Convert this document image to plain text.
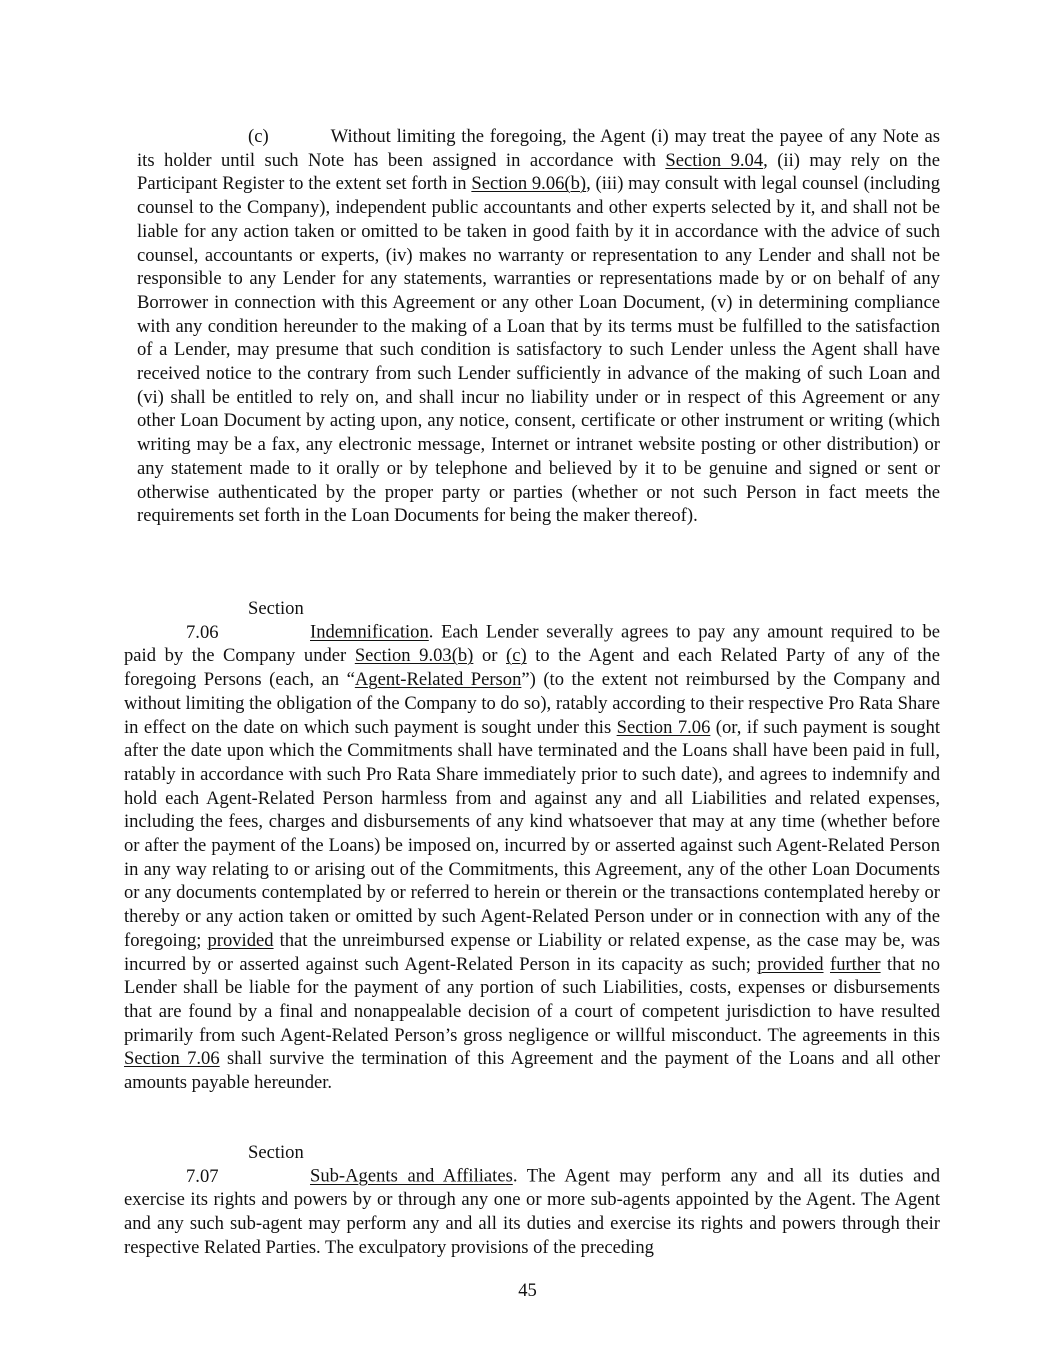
(c)	Without limiting the foregoing, the Agent (i) may treat the payee of any Note as its holder until such Note has been assigned in accordance with Section 9.04, (ii) may rely on the Participant Register to the extent set forth in Section 9.06(b), (iii) may consult with legal counsel (including counsel to the Company), independent public accountants and other experts selected by it, and shall not be liable for any action taken or omitted to be taken in good faith by it in accordance with the advice of such counsel, accountants or experts, (iv) makes no warranty or representation to any Lender and shall not be responsible to any Lender for any statements, warranties or representations made by or on behalf of any Borrower in connection with this Agreement or any other Loan Document, (v) in determining compliance with any condition hereunder to the making of a Loan that by its terms must be fulfilled to the satisfaction of a Lender, may presume that such condition is satisfactory to such Lender unless the Agent shall have received notice to the contrary from such Lender sufficiently in advance of the making of such Loan and (vi) shall be entitled to rely on, and shall incur no liability under or in respect of this Agreement or any other Loan Document by acting upon, any notice, consent, certificate or other instrument or writing (which writing may be a fax, any electronic message, Internet or intranet website posting or other distribution) or any statement made to it orally or by telephone and believed by it to be genuine and signed or sent or otherwise authenticated by the proper party or parties (whether or not such Person in fact meets the requirements set forth in the Loan Documents for being the maker thereof).

Section 7.06	Indemnification. Each Lender severally agrees to pay any amount required to be paid by the Company under Section 9.03(b) or (c) to the Agent and each Related Party of any of the foregoing Persons (each, an “Agent-Related Person”) (to the extent not reimbursed by the Company and without limiting the obligation of the Company to do so), ratably according to their respective Pro Rata Share in effect on the date on which such payment is sought under this Section 7.06 (or, if such payment is sought after the date upon which the Commitments shall have terminated and the Loans shall have been paid in full, ratably in accordance with such Pro Rata Share immediately prior to such date), and agrees to indemnify and hold each Agent-Related Person harmless from and against any and all Liabilities and related expenses, including the fees, charges and disbursements of any kind whatsoever that may at any time (whether before or after the payment of the Loans) be imposed on, incurred by or asserted against such Agent-Related Person in any way relating to or arising out of the Commitments, this Agreement, any of the other Loan Documents or any documents contemplated by or referred to herein or therein or the transactions contemplated hereby or thereby or any action taken or omitted by such Agent-Related Person under or in connection with any of the foregoing; provided that the unreimbursed expense or Liability or related expense, as the case may be, was incurred by or asserted against such Agent-Related Person in its capacity as such; provided further that no Lender shall be liable for the payment of any portion of such Liabilities, costs, expenses or disbursements that are found by a final and nonappealable decision of a court of competent jurisdiction to have resulted primarily from such Agent-Related Person’s gross negligence or willful misconduct. The agreements in this Section 7.06 shall survive the termination of this Agreement and the payment of the Loans and all other amounts payable hereunder.

Section 7.07	Sub-Agents and Affiliates. The Agent may perform any and all its duties and exercise its rights and powers by or through any one or more sub-agents appointed by the Agent. The Agent and any such sub-agent may perform any and all its duties and exercise its rights and powers through their respective Related Parties. The exculpatory provisions of the preceding

45
